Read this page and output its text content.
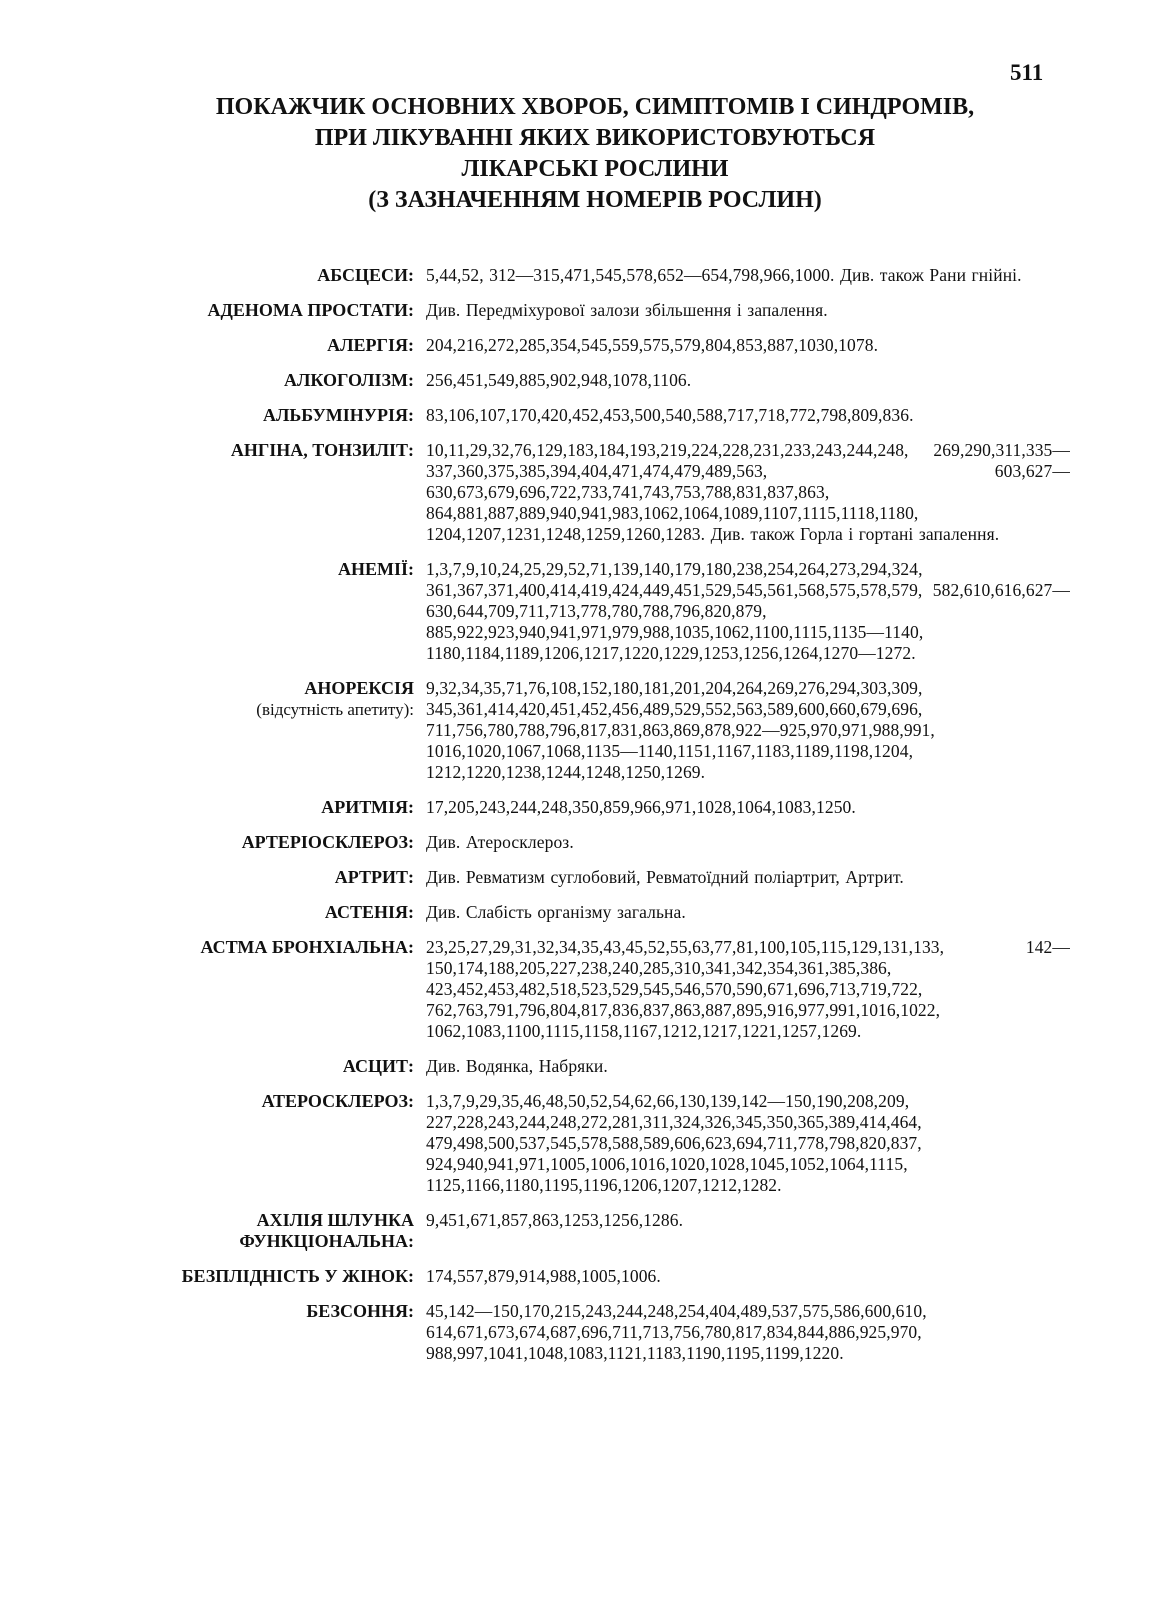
511
ПОКАЖЧИК ОСНОВНИХ ХВОРОБ, СИМПТОМІВ І СИНДРОМІВ,
ПРИ ЛІКУВАННІ ЯКИХ ВИКОРИСТОВУЮТЬСЯ
ЛІКАРСЬКІ РОСЛИНИ
(З ЗАЗНАЧЕННЯМ НОМЕРІВ РОСЛИН)
АБСЦЕСИ: 5,44,52, 312—315,471,545,578,652—654,798,966,1000. Див. також Рани гнійні.
АДЕНОМА ПРОСТАТИ: Див. Передміхурової залози збільшення і запалення.
АЛЕРГІЯ: 204,216,272,285,354,545,559,575,579,804,853,887,1030,1078.
АЛКОГОЛІЗМ: 256,451,549,885,902,948,1078,1106.
АЛЬБУМІНУРІЯ: 83,106,107,170,420,452,453,500,540,588,717,718,772,798,809,836.
АНГІНА, ТОНЗИЛІТ: 10,11,29,32,76,129,183,184,193,219,224,228,231,233,243,244,248, 269,290,311,335—337,360,375,385,394,404,471,474,479,489,563, 603,627—630,673,679,696,722,733,741,743,753,788,831,837,863, 864,881,887,889,940,941,983,1062,1064,1089,1107,1115,1118,1180, 1204,1207,1231,1248,1259,1260,1283. Див. також Горла і гортані запалення.
АНЕМІЇ: 1,3,7,9,10,24,25,29,52,71,139,140,179,180,238,254,264,273,294,324, 361,367,371,400,414,419,424,449,451,529,545,561,568,575,578,579, 582,610,616,627—630,644,709,711,713,778,780,788,796,820,879, 885,922,923,940,941,971,979,988,1035,1062,1100,1115,1135—1140, 1180,1184,1189,1206,1217,1220,1229,1253,1256,1264,1270—1272.
АНОРЕКСІЯ
(відсутність апетиту):
9,32,34,35,71,76,108,152,180,181,201,204,264,269,276,294,303,309, 345,361,414,420,451,452,456,489,529,552,563,589,600,660,679,696, 711,756,780,788,796,817,831,863,869,878,922—925,970,971,988,991, 1016,1020,1067,1068,1135—1140,1151,1167,1183,1189,1198,1204, 1212,1220,1238,1244,1248,1250,1269.
АРИТМІЯ: 17,205,243,244,248,350,859,966,971,1028,1064,1083,1250.
АРТЕРІОСКЛЕРОЗ: Див. Атеросклероз.
АРТРИТ: Див. Ревматизм суглобовий, Ревматоїдний поліартрит, Артрит.
АСТЕНІЯ: Див. Слабість організму загальна.
АСТМА БРОНХІАЛЬНА: 23,25,27,29,31,32,34,35,43,45,52,55,63,77,81,100,105,115,129,131,133, 142—150,174,188,205,227,238,240,285,310,341,342,354,361,385,386, 423,452,453,482,518,523,529,545,546,570,590,671,696,713,719,722, 762,763,791,796,804,817,836,837,863,887,895,916,977,991,1016,1022, 1062,1083,1100,1115,1158,1167,1212,1217,1221,1257,1269.
АСЦИТ: Див. Водянка, Набряки.
АТЕРОСКЛЕРОЗ: 1,3,7,9,29,35,46,48,50,52,54,62,66,130,139,142—150,190,208,209, 227,228,243,244,248,272,281,311,324,326,345,350,365,389,414,464, 479,498,500,537,545,578,588,589,606,623,694,711,778,798,820,837, 924,940,941,971,1005,1006,1016,1020,1028,1045,1052,1064,1115, 1125,1166,1180,1195,1196,1206,1207,1212,1282.
АХІЛІЯ ШЛУНКА ФУНКЦІОНАЛЬНА:
9,451,671,857,863,1253,1256,1286.
БЕЗПЛІДНІСТЬ У ЖІНОК: 174,557,879,914,988,1005,1006.
БЕЗСОННЯ: 45,142—150,170,215,243,244,248,254,404,489,537,575,586,600,610, 614,671,673,674,687,696,711,713,756,780,817,834,844,886,925,970, 988,997,1041,1048,1083,1121,1183,1190,1195,1199,1220.
